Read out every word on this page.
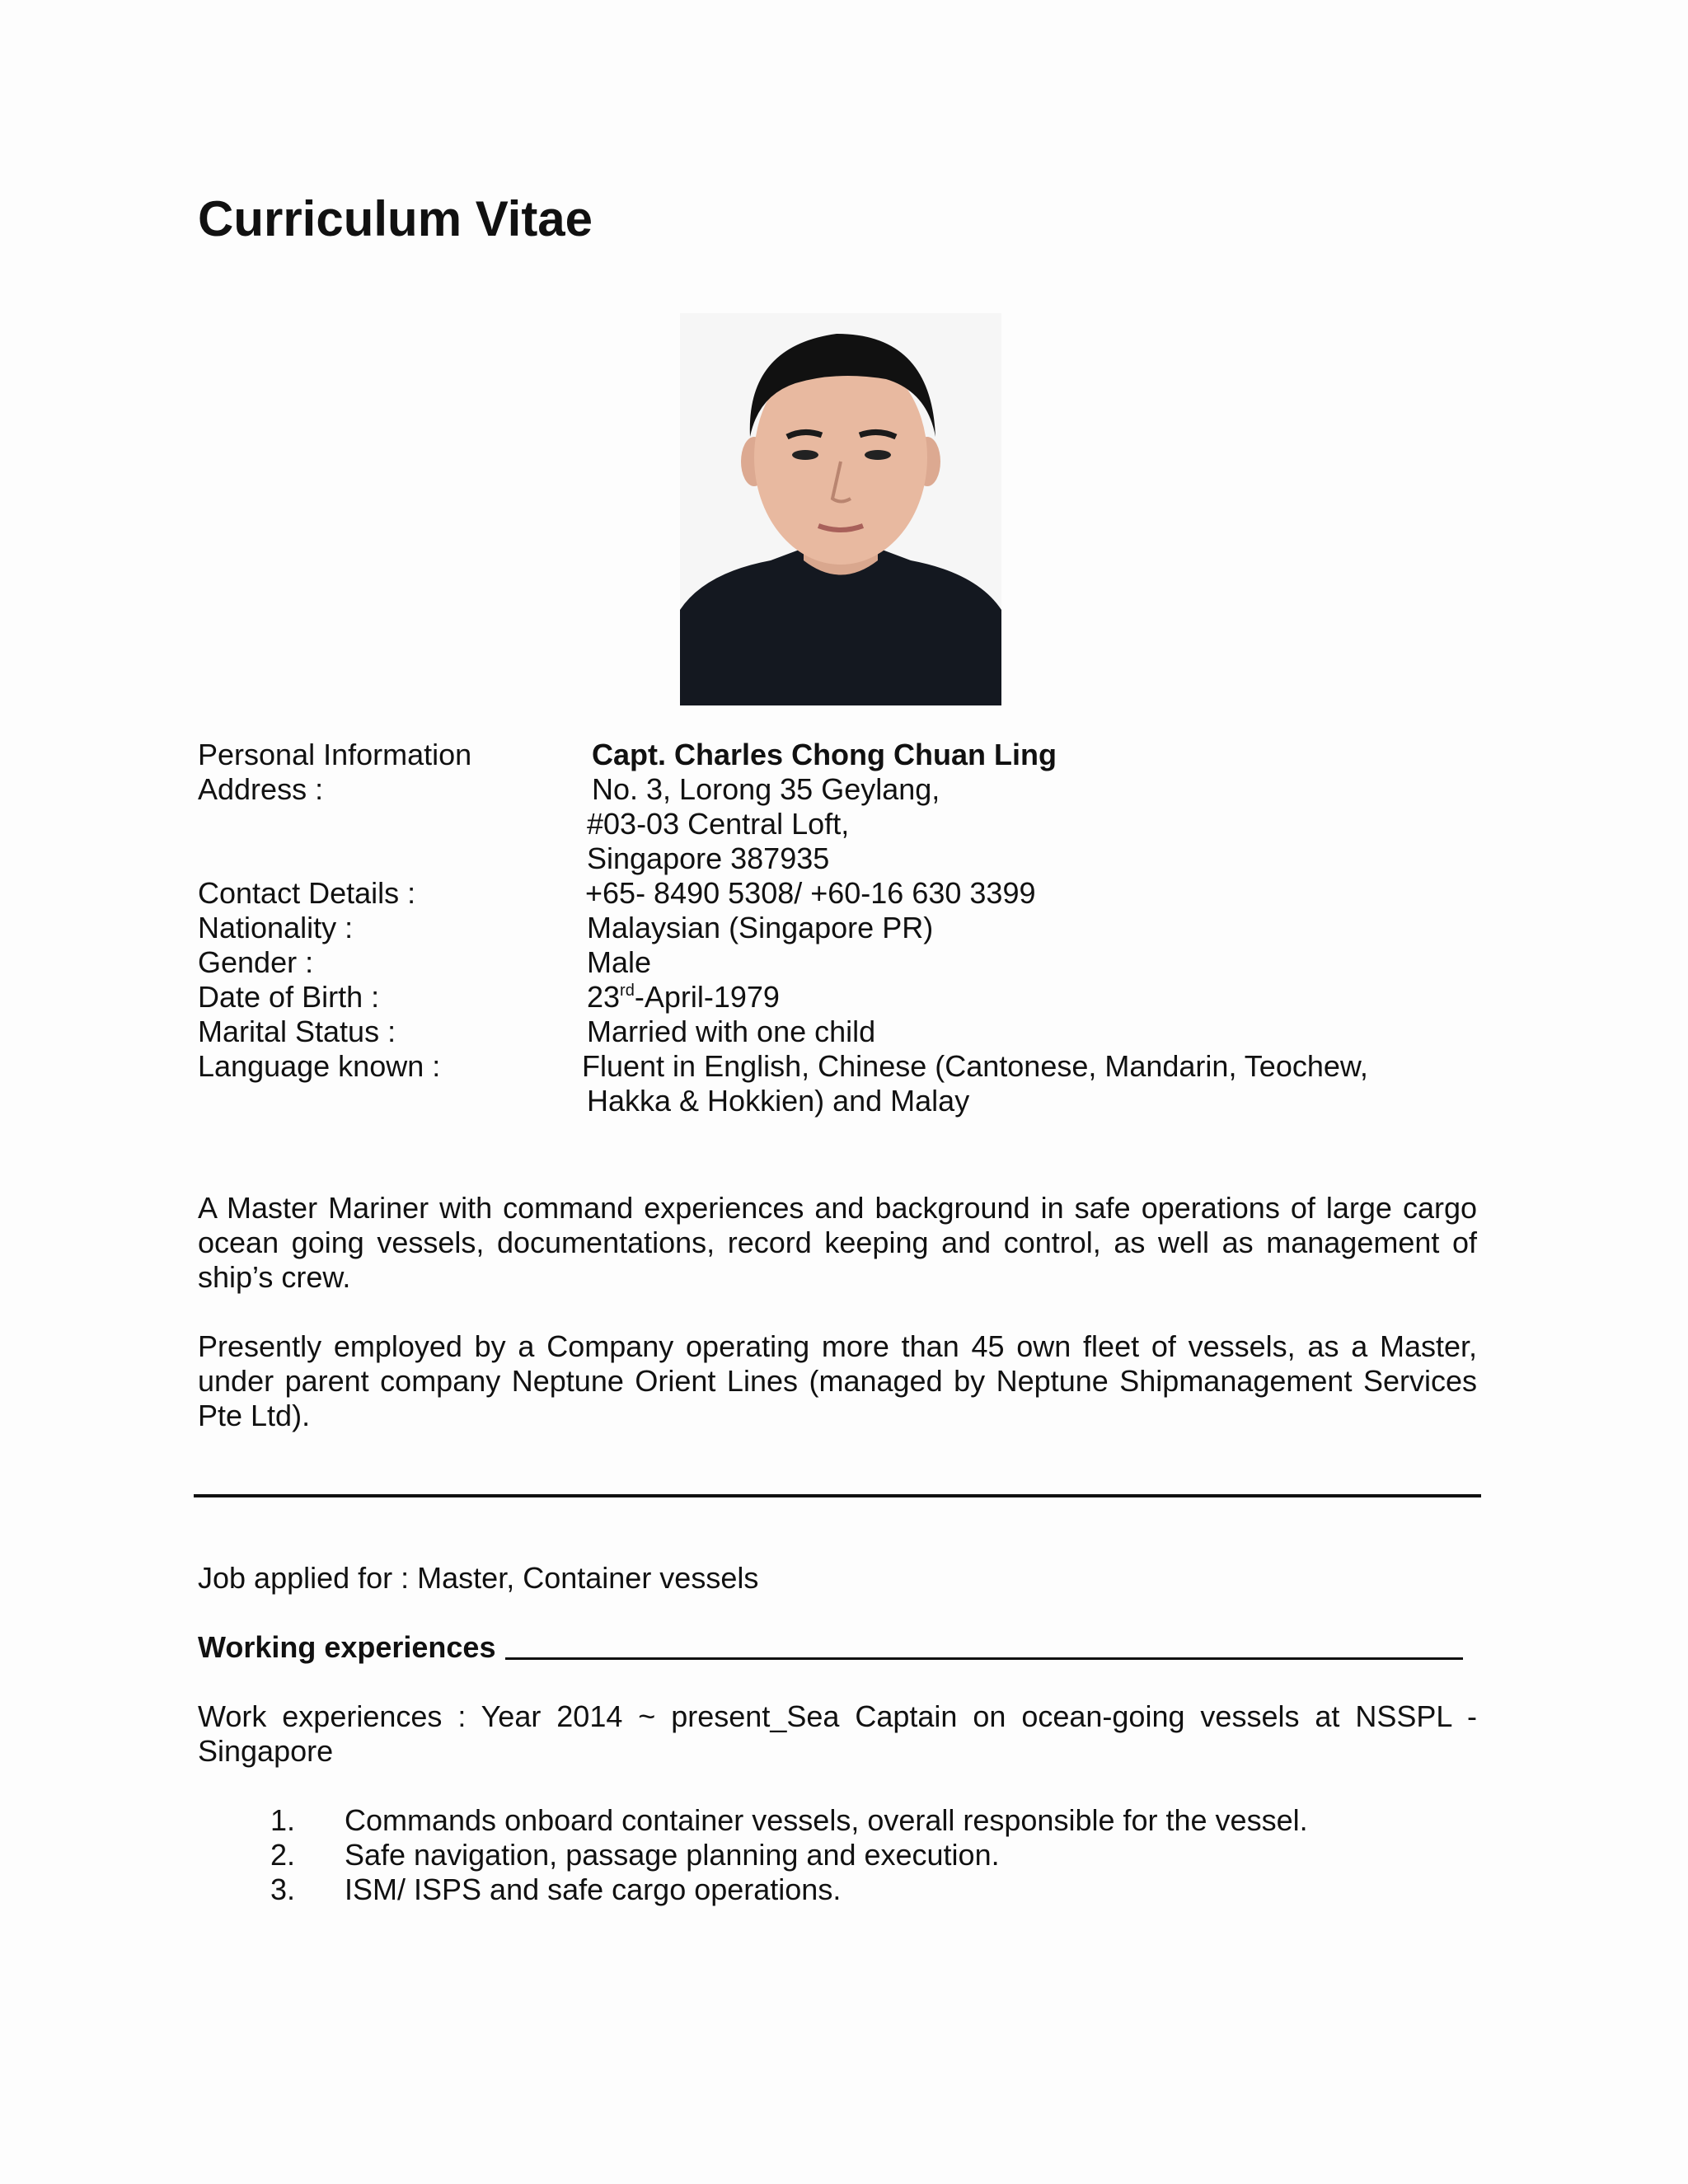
Curriculum Vitae
Personal Information	Capt. Charles Chong Chuan Ling
Address :	No. 3, Lorong 35 Geylang,
#03-03 Central Loft,
Singapore 387935
Contact Details :	+65- 8490 5308/ +60-16 630 3399
Nationality :	Malaysian (Singapore PR)
Gender :	Male
Date of Birth :	23rd-April-1979
Marital Status :	Married with one child
Language known :	Fluent in English, Chinese (Cantonese, Mandarin, Teochew,
Hakka & Hokkien) and Malay

A Master Mariner with command experiences and background in safe operations of large cargo ocean going vessels, documentations, record keeping and control, as well as management of ship’s crew.

Presently employed by a Company operating more than 45 own fleet of vessels, as a Master, under parent company Neptune Orient Lines (managed by Neptune Shipmanagement Services Pte Ltd).

Job applied for : Master, Container vessels
Working experiences

Work experiences : Year 2014 ~ present_Sea Captain on ocean-going vessels at NSSPL - Singapore

1. Commands onboard container vessels, overall responsible for the vessel.
2. Safe navigation, passage planning and execution.
3. ISM/ ISPS and safe cargo operations.
